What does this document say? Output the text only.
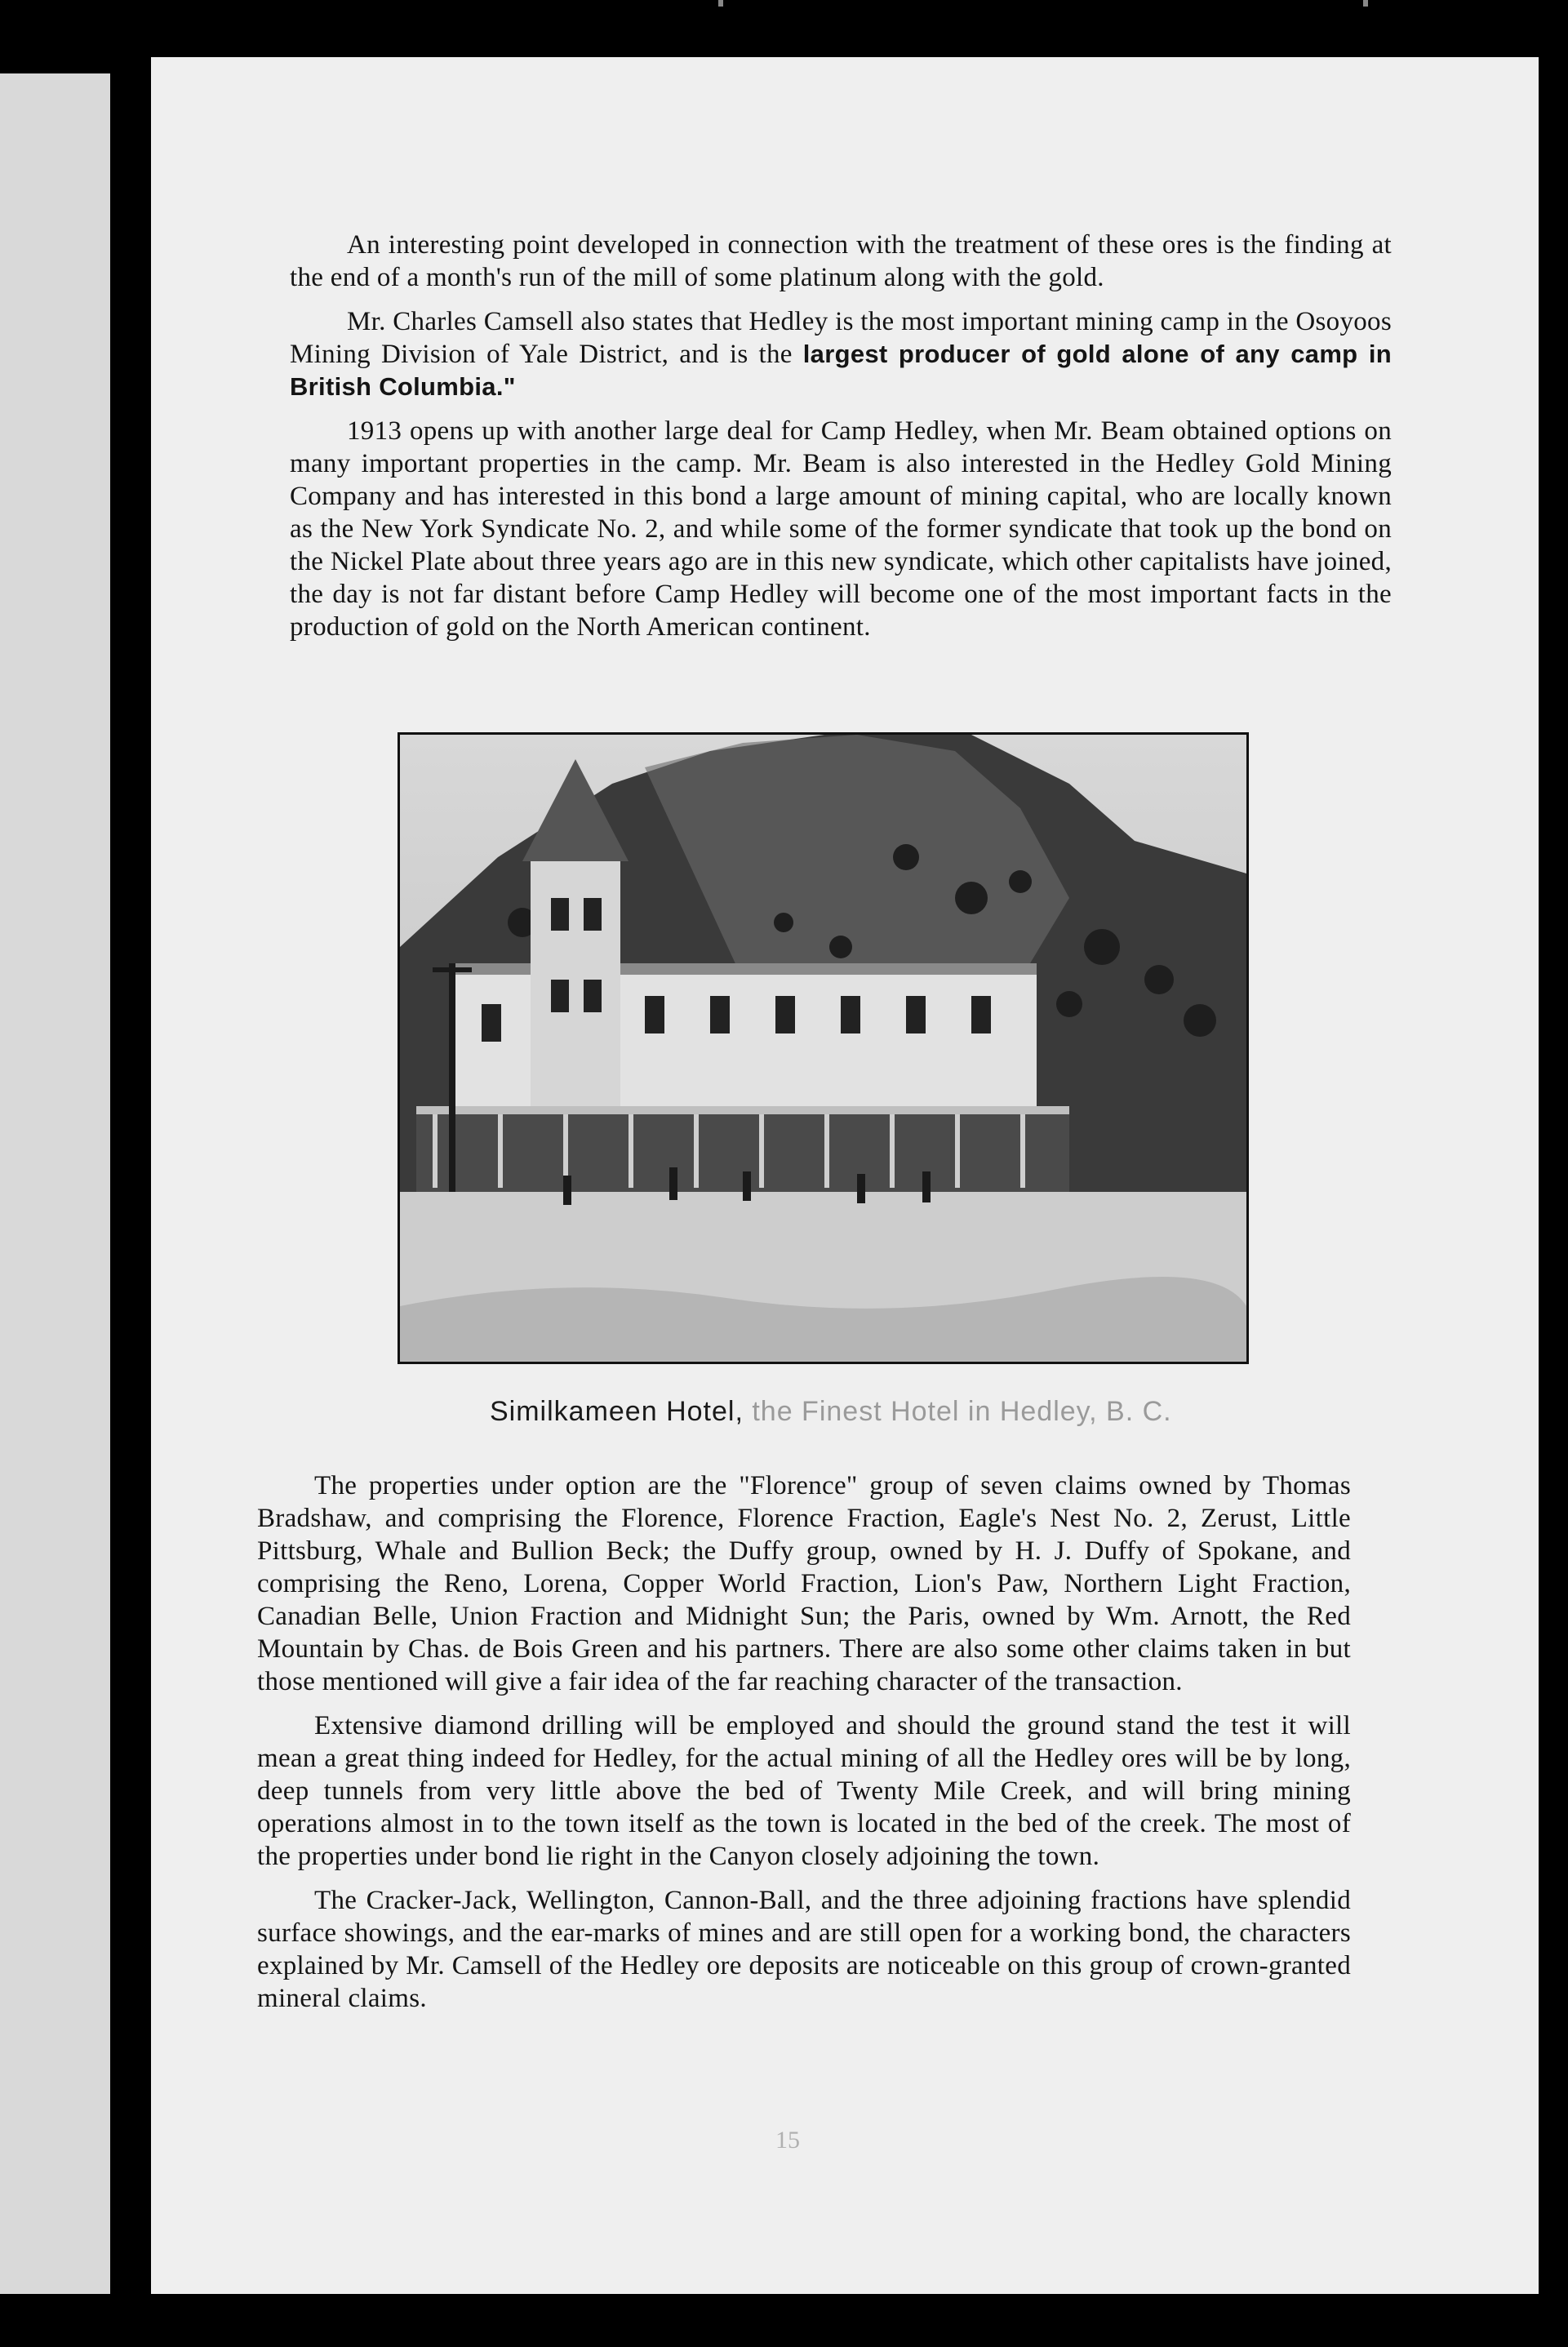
An interesting point developed in connection with the treatment of these ores is the finding at the end of a month's run of the mill of some platinum along with the gold.

Mr. Charles Camsell also states that Hedley is the most important mining camp in the Osoyoos Mining Division of Yale District, and is the largest producer of gold alone of any camp in British Columbia."

1913 opens up with another large deal for Camp Hedley, when Mr. Beam obtained options on many important properties in the camp. Mr. Beam is also interested in the Hedley Gold Mining Company and has interested in this bond a large amount of mining capital, who are locally known as the New York Syndicate No. 2, and while some of the former syndicate that took up the bond on the Nickel Plate about three years ago are in this new syndicate, which other capitalists have joined, the day is not far distant before Camp Hedley will become one of the most important facts in the production of gold on the North American continent.

Similkameen Hotel, the Finest Hotel in Hedley, B. C.

The properties under option are the "Florence" group of seven claims owned by Thomas Bradshaw, and comprising the Florence, Florence Fraction, Eagle's Nest No. 2, Zerust, Little Pittsburg, Whale and Bullion Beck; the Duffy group, owned by H. J. Duffy of Spokane, and comprising the Reno, Lorena, Copper World Fraction, Lion's Paw, Northern Light Fraction, Canadian Belle, Union Fraction and Midnight Sun; the Paris, owned by Wm. Arnott, the Red Mountain by Chas. de Bois Green and his partners. There are also some other claims taken in but those mentioned will give a fair idea of the far reaching character of the transaction.

Extensive diamond drilling will be employed and should the ground stand the test it will mean a great thing indeed for Hedley, for the actual mining of all the Hedley ores will be by long, deep tunnels from very little above the bed of Twenty Mile Creek, and will bring mining operations almost in to the town itself as the town is located in the bed of the creek. The most of the properties under bond lie right in the Canyon closely adjoining the town.

The Cracker-Jack, Wellington, Cannon-Ball, and the three adjoining fractions have splendid surface showings, and the ear-marks of mines and are still open for a working bond, the characters explained by Mr. Camsell of the Hedley ore deposits are noticeable on this group of crown-granted mineral claims.

15
